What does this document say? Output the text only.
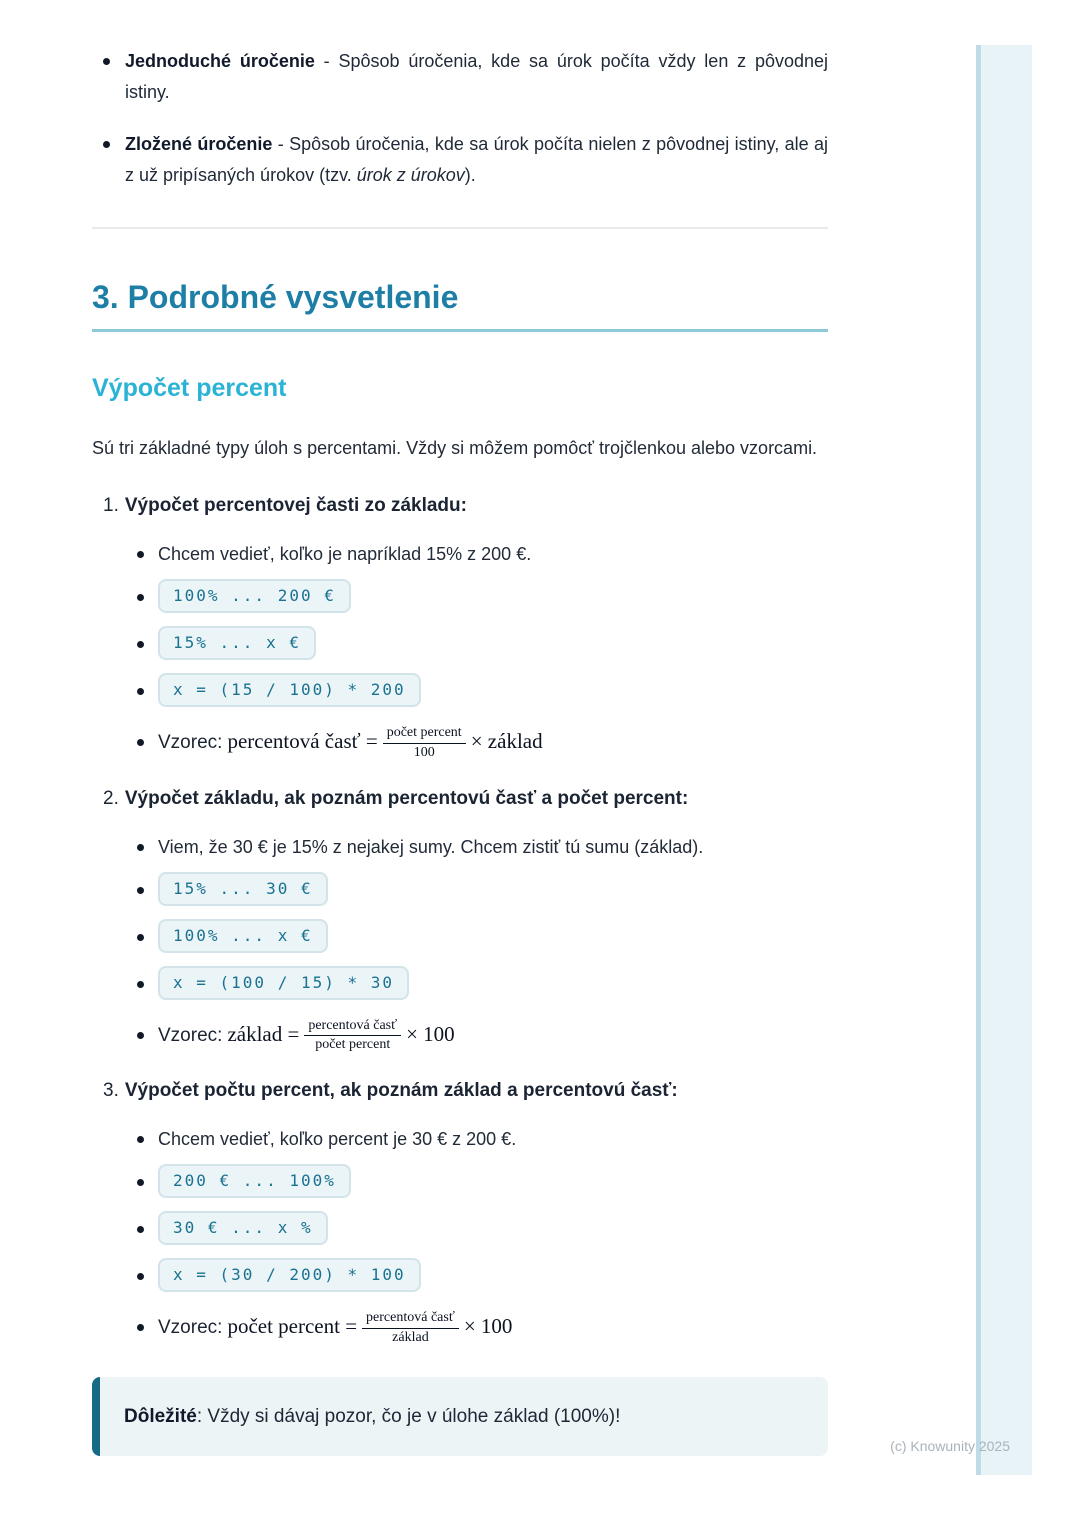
Jednoduché úročenie - Spôsob úročenia, kde sa úrok počíta vždy len z pôvodnej istiny.
Zložené úročenie - Spôsob úročenia, kde sa úrok počíta nielen z pôvodnej istiny, ale aj z už pripísaných úrokov (tzv. úrok z úrokov).
3. Podrobné vysvetlenie
Výpočet percent

Sú tri základné typy úloh s percentami. Vždy si môžem pomôcť trojčlenkou alebo vzorcami.

1. Výpočet percentovej časti zo základu:
Chcem vedieť, koľko je napríklad 15% z 200 €.
100% ... 200 €
15% ... x €
x = (15 / 100) * 200
Vzorec: percentová časť = $\frac{\text{počet percent}}{100}$ × základ
2. Výpočet základu, ak poznám percentovú časť a počet percent:
Viem, že 30 € je 15% z nejakej sumy. Chcem zistiť tú sumu (základ).
15% ... 30 €
100% ... x €
x = (100 / 15) * 30
Vzorec: základ = $\frac{\text{percentová časť}}{\text{počet percent}} \times 100$
3. Výpočet počtu percent, ak poznám základ a percentovú časť:
Chcem vedieť, koľko percent je 30 € z 200 €.
200 € ... 100%
30 € ... x %
x = (30 / 200) * 100
Vzorec: počet percent = $\frac{\text{percentová časť}}{\text{základ}} \times 100$
Dôležité: Vždy si dávaj pozor, čo je v úlohe základ (100%)!
(c) Knowunity 2025
